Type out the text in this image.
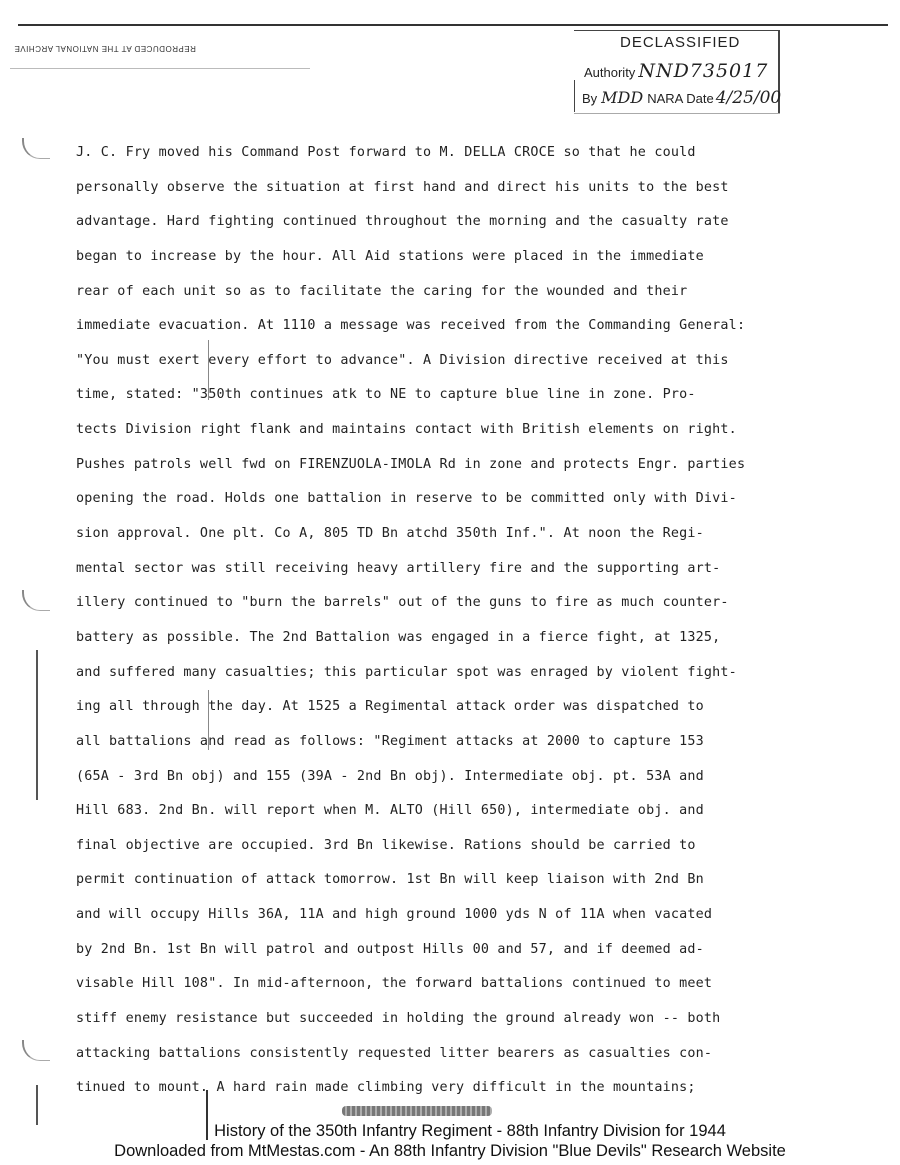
REPRODUCED AT THE NATIONAL ARCHIVE	DECLASSIFIED
Authority NND735017
By MDD NARA Date 4/25/00
J. C. Fry moved his Command Post forward to M. DELLA CROCE so that he could
personally observe the situation at first hand and direct his units to the best
advantage. Hard fighting continued throughout the morning and the casualty rate
began to increase by the hour. All Aid stations were placed in the immediate
rear of each unit so as to facilitate the caring for the wounded and their
immediate evacuation. At 1110 a message was received from the Commanding General:
"You must exert every effort to advance". A Division directive received at this
time, stated: "350th continues atk to NE to capture blue line in zone. Pro-
tects Division right flank and maintains contact with British elements on right.
Pushes patrols well fwd on FIRENZUOLA-IMOLA Rd in zone and protects Engr. parties
opening the road. Holds one battalion in reserve to be committed only with Divi-
sion approval. One plt. Co A, 805 TD Bn atchd 350th Inf.". At noon the Regi-
mental sector was still receiving heavy artillery fire and the supporting art-
illery continued to "burn the barrels" out of the guns to fire as much counter-
battery as possible. The 2nd Battalion was engaged in a fierce fight, at 1325,
and suffered many casualties; this particular spot was enraged by violent fight-
ing all through the day. At 1525 a Regimental attack order was dispatched to
all battalions and read as follows: "Regiment attacks at 2000 to capture 153
(65A - 3rd Bn obj) and 155 (39A - 2nd Bn obj). Intermediate obj. pt. 53A and
Hill 683. 2nd Bn. will report when M. ALTO (Hill 650), intermediate obj. and
final objective are occupied. 3rd Bn likewise. Rations should be carried to
permit continuation of attack tomorrow. 1st Bn will keep liaison with 2nd Bn
and will occupy Hills 36A, 11A and high ground 1000 yds N of 11A when vacated
by 2nd Bn. 1st Bn will patrol and outpost Hills 00 and 57, and if deemed ad-
visable Hill 108". In mid-afternoon, the forward battalions continued to meet
stiff enemy resistance but succeeded in holding the ground already won -- both
attacking battalions consistently requested litter bearers as casualties con-
tinued to mount. A hard rain made climbing very difficult in the mountains;
History of the 350th Infantry Regiment - 88th Infantry Division for 1944
Downloaded from MtMestas.com - An 88th Infantry Division "Blue Devils" Research Website
